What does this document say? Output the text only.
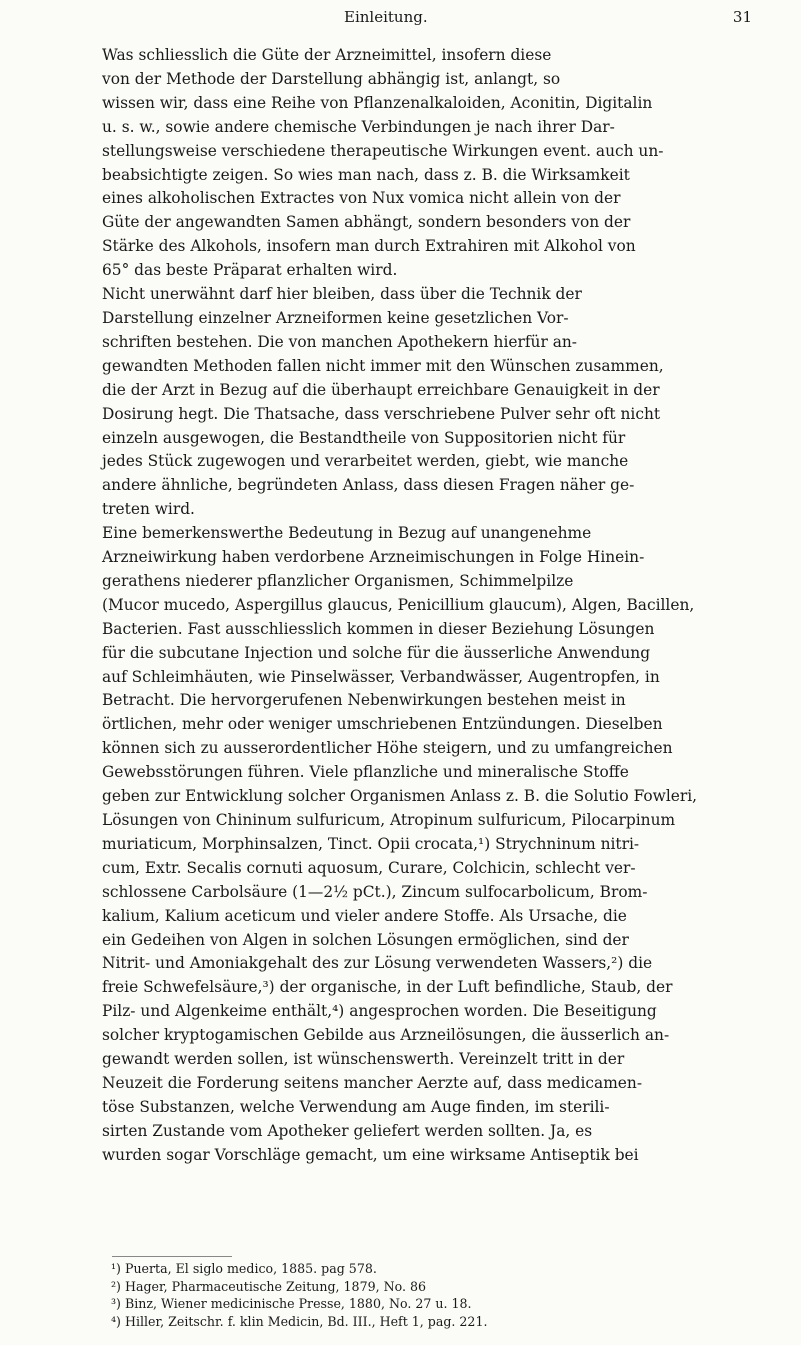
Einleitung.	31
Was schliesslich die Güte der Arzneimittel, insofern diese
von der Methode der Darstellung abhängig ist, anlangt, so
wissen wir, dass eine Reihe von Pflanzenalkaloiden, Aconitin, Digitalin
u. s. w., sowie andere chemische Verbindungen je nach ihrer Dar-
stellungsweise verschiedene therapeutische Wirkungen event. auch un-
beabsichtigte zeigen. So wies man nach, dass z. B. die Wirksamkeit
eines alkoholischen Extractes von Nux vomica nicht allein von der
Güte der angewandten Samen abhängt, sondern besonders von der
Stärke des Alkohols, insofern man durch Extrahiren mit Alkohol von
65° das beste Präparat erhalten wird.
Nicht unerwähnt darf hier bleiben, dass über die Technik der
Darstellung einzelner Arzneiformen keine gesetzlichen Vor-
schriften bestehen. Die von manchen Apothekern hierfür an-
gewandten Methoden fallen nicht immer mit den Wünschen zusammen,
die der Arzt in Bezug auf die überhaupt erreichbare Genauigkeit in der
Dosirung hegt. Die Thatsache, dass verschriebene Pulver sehr oft nicht
einzeln ausgewogen, die Bestandtheile von Suppositorien nicht für
jedes Stück zugewogen und verarbeitet werden, giebt, wie manche
andere ähnliche, begründeten Anlass, dass diesen Fragen näher ge-
treten wird.
Eine bemerkenswerthe Bedeutung in Bezug auf unangenehme
Arzneiwirkung haben verdorbene Arzneimischungen in Folge Hinein-
gerathens niederer pflanzlicher Organismen, Schimmelpilze
(Mucor mucedo, Aspergillus glaucus, Penicillium glaucum), Algen, Bacillen,
Bacterien. Fast ausschliesslich kommen in dieser Beziehung Lösungen
für die subcutane Injection und solche für die äusserliche Anwendung
auf Schleimhäuten, wie Pinselwässer, Verbandwässer, Augentropfen, in
Betracht. Die hervorgerufenen Nebenwirkungen bestehen meist in
örtlichen, mehr oder weniger umschriebenen Entzündungen. Dieselben
können sich zu ausserordentlicher Höhe steigern, und zu umfangreichen
Gewebsstörungen führen. Viele pflanzliche und mineralische Stoffe
geben zur Entwicklung solcher Organismen Anlass z. B. die Solutio Fowleri,
Lösungen von Chininum sulfuricum, Atropinum sulfuricum, Pilocarpinum
muriaticum, Morphinsalzen, Tinct. Opii crocata,¹) Strychninum nitri-
cum, Extr. Secalis cornuti aquosum, Curare, Colchicin, schlecht ver-
schlossene Carbolsäure (1—2½ pCt.), Zincum sulfocarbolicum, Brom-
kalium, Kalium aceticum und vieler andere Stoffe. Als Ursache, die
ein Gedeihen von Algen in solchen Lösungen ermöglichen, sind der
Nitrit- und Amoniakgehalt des zur Lösung verwendeten Wassers,²) die
freie Schwefelsäure,³) der organische, in der Luft befindliche, Staub, der
Pilz- und Algenkeime enthält,⁴) angesprochen worden. Die Beseitigung
solcher kryptogamischen Gebilde aus Arzneilösungen, die äusserlich an-
gewandt werden sollen, ist wünschenswerth. Vereinzelt tritt in der
Neuzeit die Forderung seitens mancher Aerzte auf, dass medicamen-
töse Substanzen, welche Verwendung am Auge finden, im sterili-
sirten Zustande vom Apotheker geliefert werden sollten. Ja, es
wurden sogar Vorschläge gemacht, um eine wirksame Antiseptik bei
¹) Puerta, El siglo medico, 1885. pag 578.
²) Hager, Pharmaceutische Zeitung, 1879, No. 86
³) Binz, Wiener medicinische Presse, 1880, No. 27 u. 18.
⁴) Hiller, Zeitschr. f. klin Medicin, Bd. III., Heft 1, pag. 221.
